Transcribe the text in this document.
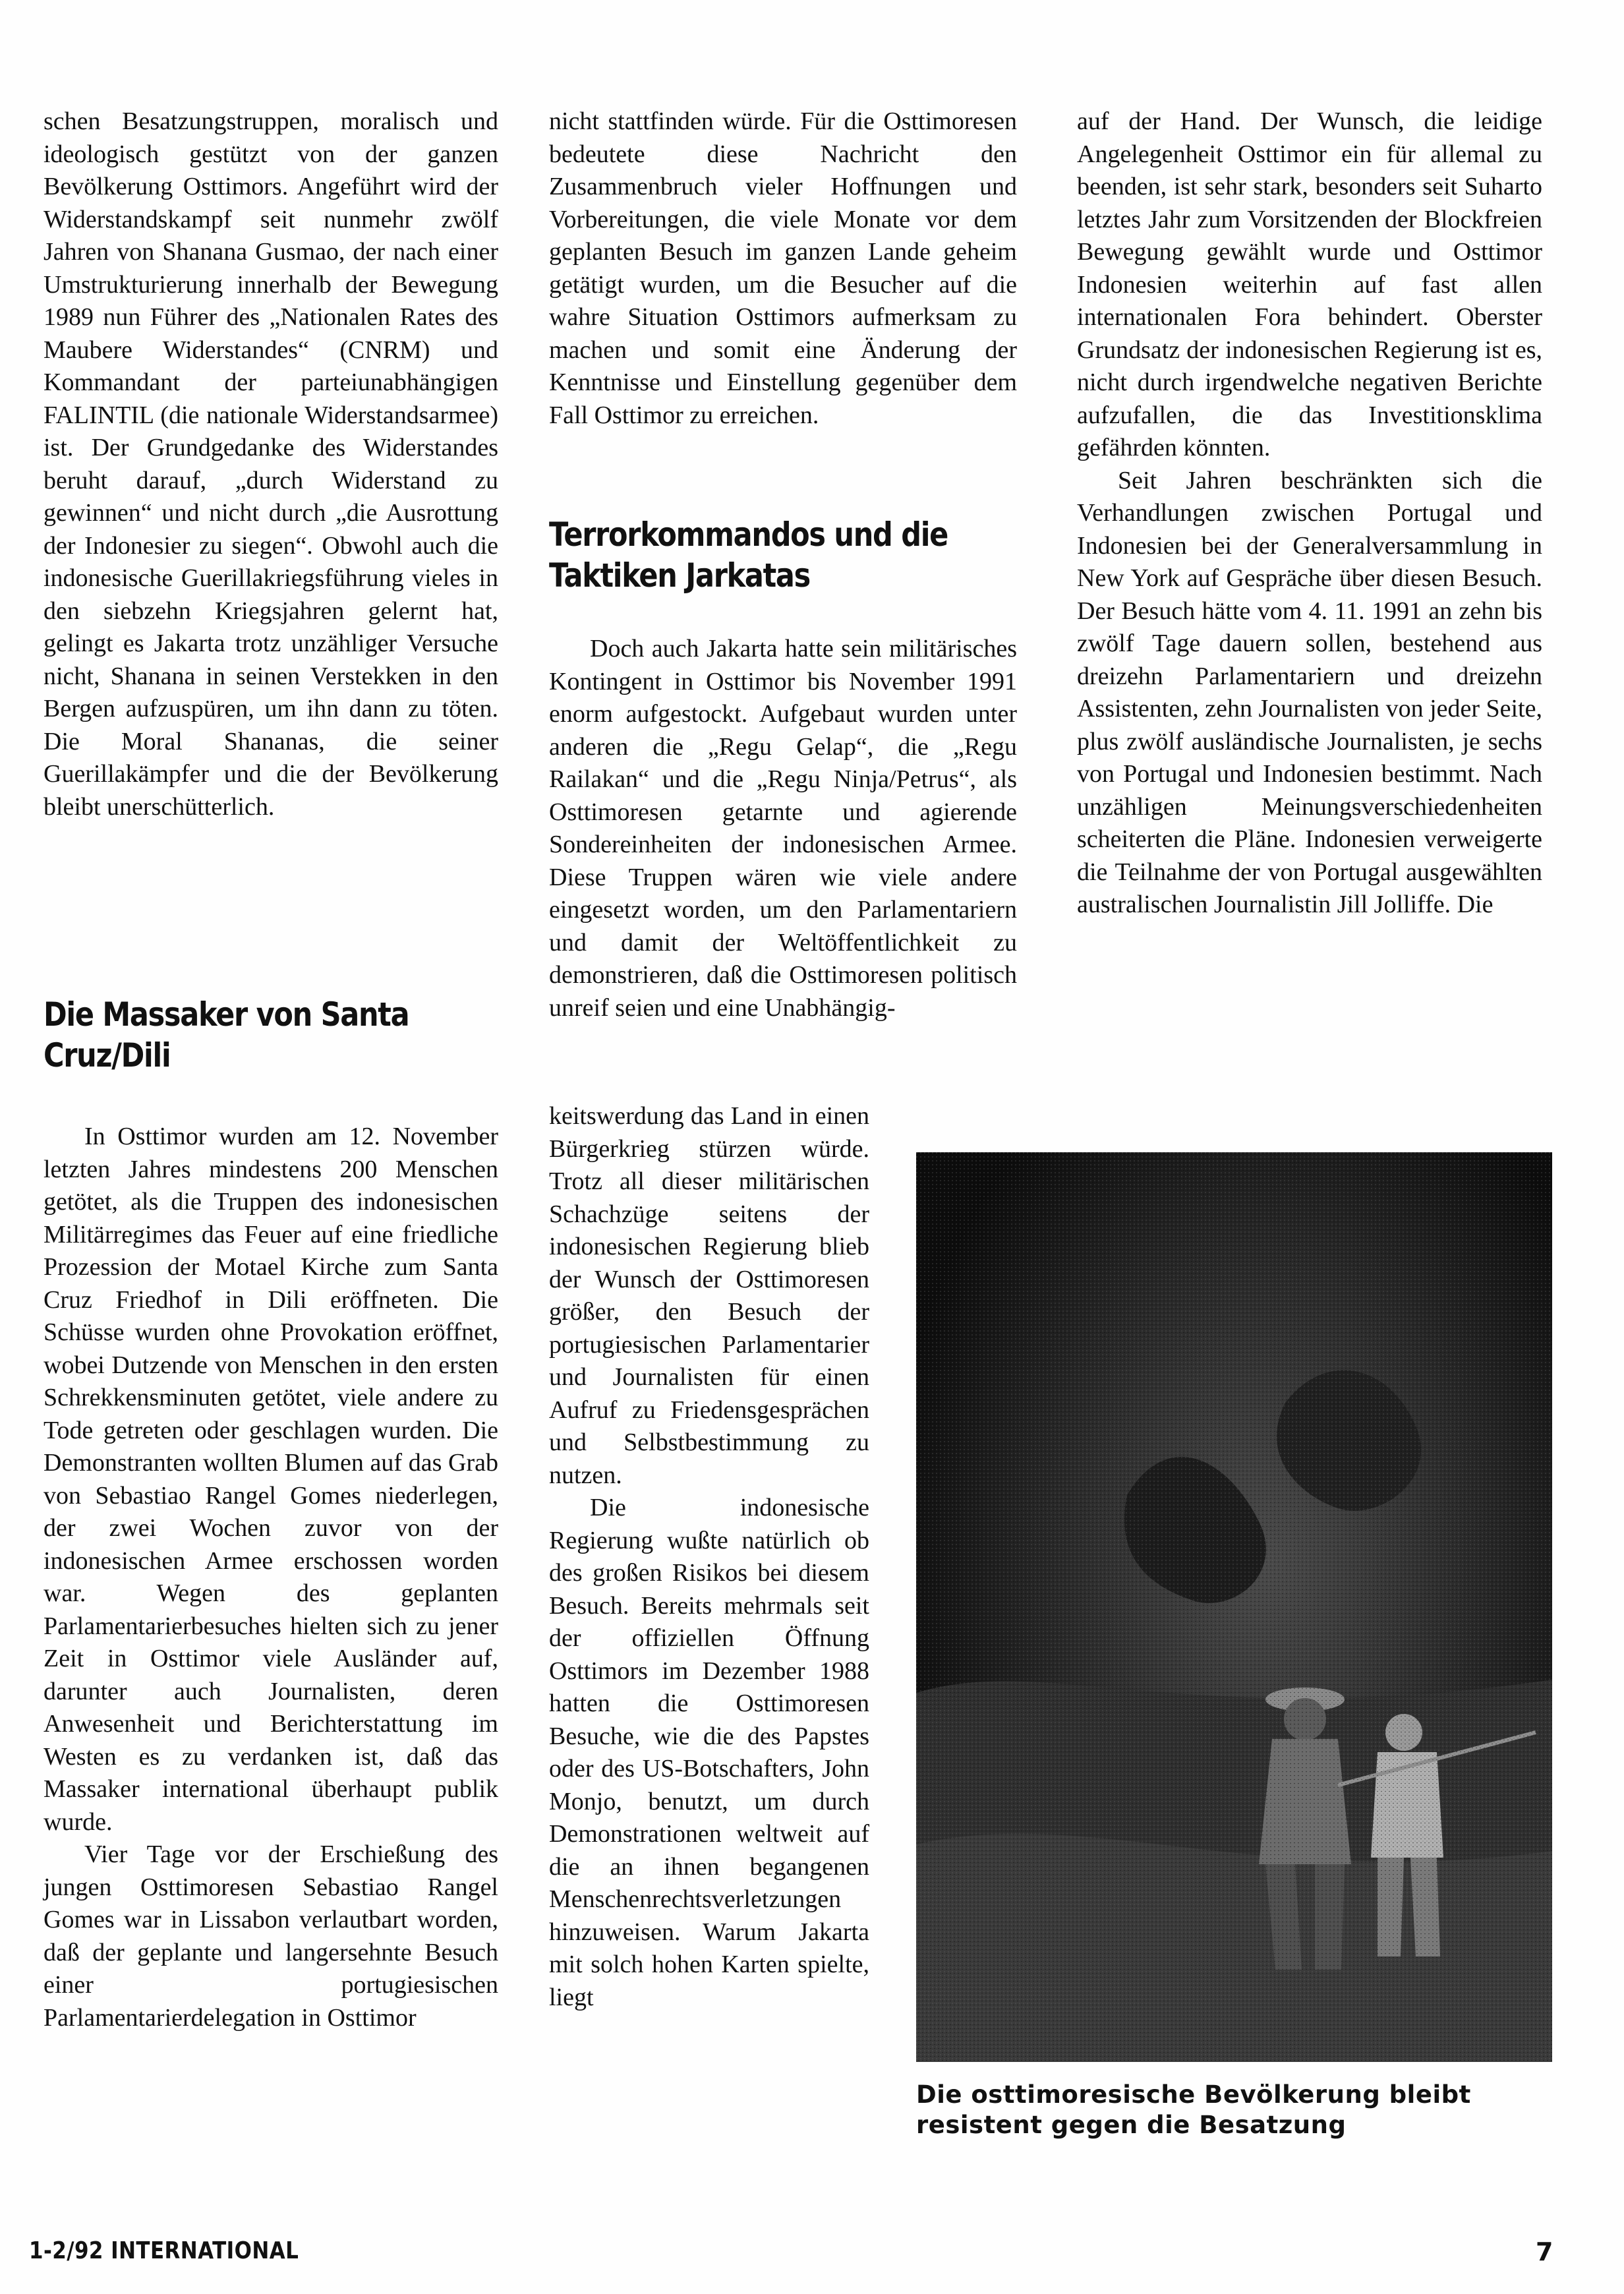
schen Besatzungstruppen, moralisch und ideologisch gestützt von der ganzen Bevölkerung Osttimors. Angeführt wird der Widerstandskampf seit nunmehr zwölf Jahren von Shanana Gusmao, der nach einer Umstrukturierung innerhalb der Bewegung 1989 nun Führer des „Nationalen Rates des Maubere Widerstandes“ (CNRM) und Kommandant der parteiunabhängigen FALINTIL (die nationale Widerstandsarmee) ist. Der Grundgedanke des Widerstandes beruht darauf, „durch Widerstand zu gewinnen“ und nicht durch „die Ausrottung der Indonesier zu siegen“. Obwohl auch die indonesische Guerillakriegsführung vieles in den siebzehn Kriegsjahren gelernt hat, gelingt es Jakarta trotz unzähliger Versuche nicht, Shanana in seinen Verstekken in den Bergen aufzuspüren, um ihn dann zu töten. Die Moral Shananas, die seiner Guerillakämpfer und die der Bevölkerung bleibt unerschütterlich.

Die Massaker von Santa Cruz/Dili

In Osttimor wurden am 12. November letzten Jahres mindestens 200 Menschen getötet, als die Truppen des indonesischen Militärregimes das Feuer auf eine friedliche Prozession der Motael Kirche zum Santa Cruz Friedhof in Dili eröffneten. Die Schüsse wurden ohne Provokation eröffnet, wobei Dutzende von Menschen in den ersten Schrekkensminuten getötet, viele andere zu Tode getreten oder geschlagen wurden. Die Demonstranten wollten Blumen auf das Grab von Sebastiao Rangel Gomes niederlegen, der zwei Wochen zuvor von der indonesischen Armee erschossen worden war. Wegen des geplanten Parlamentarierbesuches hielten sich zu jener Zeit in Osttimor viele Ausländer auf, darunter auch Journalisten, deren Anwesenheit und Berichterstattung im Westen es zu verdanken ist, daß das Massaker international überhaupt publik wurde.

Vier Tage vor der Erschießung des jungen Osttimoresen Sebastiao Rangel Gomes war in Lissabon verlautbart worden, daß der geplante und langersehnte Besuch einer portugiesischen Parlamentarierdelegation in Osttimor

nicht stattfinden würde. Für die Osttimoresen bedeutete diese Nachricht den Zusammenbruch vieler Hoffnungen und Vorbereitungen, die viele Monate vor dem geplanten Besuch im ganzen Lande geheim getätigt wurden, um die Besucher auf die wahre Situation Osttimors aufmerksam zu machen und somit eine Änderung der Kenntnisse und Einstellung gegenüber dem Fall Osttimor zu erreichen.

Terrorkommandos und die Taktiken Jarkatas

Doch auch Jakarta hatte sein militärisches Kontingent in Osttimor bis November 1991 enorm aufgestockt. Aufgebaut wurden unter anderen die „Regu Gelap“, die „Regu Railakan“ und die „Regu Ninja/Petrus“, als Osttimoresen getarnte und agierende Sondereinheiten der indonesischen Armee. Diese Truppen wären wie viele andere eingesetzt worden, um den Parlamentariern und damit der Weltöffentlichkeit zu demonstrieren, daß die Osttimoresen politisch unreif seien und eine Unabhängig-

keitswerdung das Land in einen Bürgerkrieg stürzen würde. Trotz all dieser militärischen Schachzüge seitens der indonesischen Regierung blieb der Wunsch der Osttimoresen größer, den Besuch der portugiesischen Parlamentarier und Journalisten für einen Aufruf zu Friedensgesprächen und Selbstbestimmung zu nutzen.

Die indonesische Regierung wußte natürlich ob des großen Risikos bei diesem Besuch. Bereits mehrmals seit der offiziellen Öffnung Osttimors im Dezember 1988 hatten die Osttimoresen Besuche, wie die des Papstes oder des US-Botschafters, John Monjo, benutzt, um durch Demonstrationen weltweit auf die an ihnen begangenen Menschenrechtsverletzungen hinzuweisen. Warum Jakarta mit solch hohen Karten spielte, liegt

auf der Hand. Der Wunsch, die leidige Angelegenheit Osttimor ein für allemal zu beenden, ist sehr stark, besonders seit Suharto letztes Jahr zum Vorsitzenden der Blockfreien Bewegung gewählt wurde und Osttimor Indonesien weiterhin auf fast allen internationalen Fora behindert. Oberster Grundsatz der indonesischen Regierung ist es, nicht durch irgendwelche negativen Berichte aufzufallen, die das Investitionsklima gefährden könnten.

Seit Jahren beschränkten sich die Verhandlungen zwischen Portugal und Indonesien bei der Generalversammlung in New York auf Gespräche über diesen Besuch. Der Besuch hätte vom 4. 11. 1991 an zehn bis zwölf Tage dauern sollen, bestehend aus dreizehn Parlamentariern und dreizehn Assistenten, zehn Journalisten von jeder Seite, plus zwölf ausländische Journalisten, je sechs von Portugal und Indonesien bestimmt. Nach unzähligen Meinungsverschiedenheiten scheiterten die Pläne. Indonesien verweigerte die Teilnahme der von Portugal ausgewählten australischen Journalistin Jill Jolliffe. Die

Die osttimoresische Bevölkerung bleibt resistent gegen die Besatzung
1-2/92 INTERNATIONAL	7
